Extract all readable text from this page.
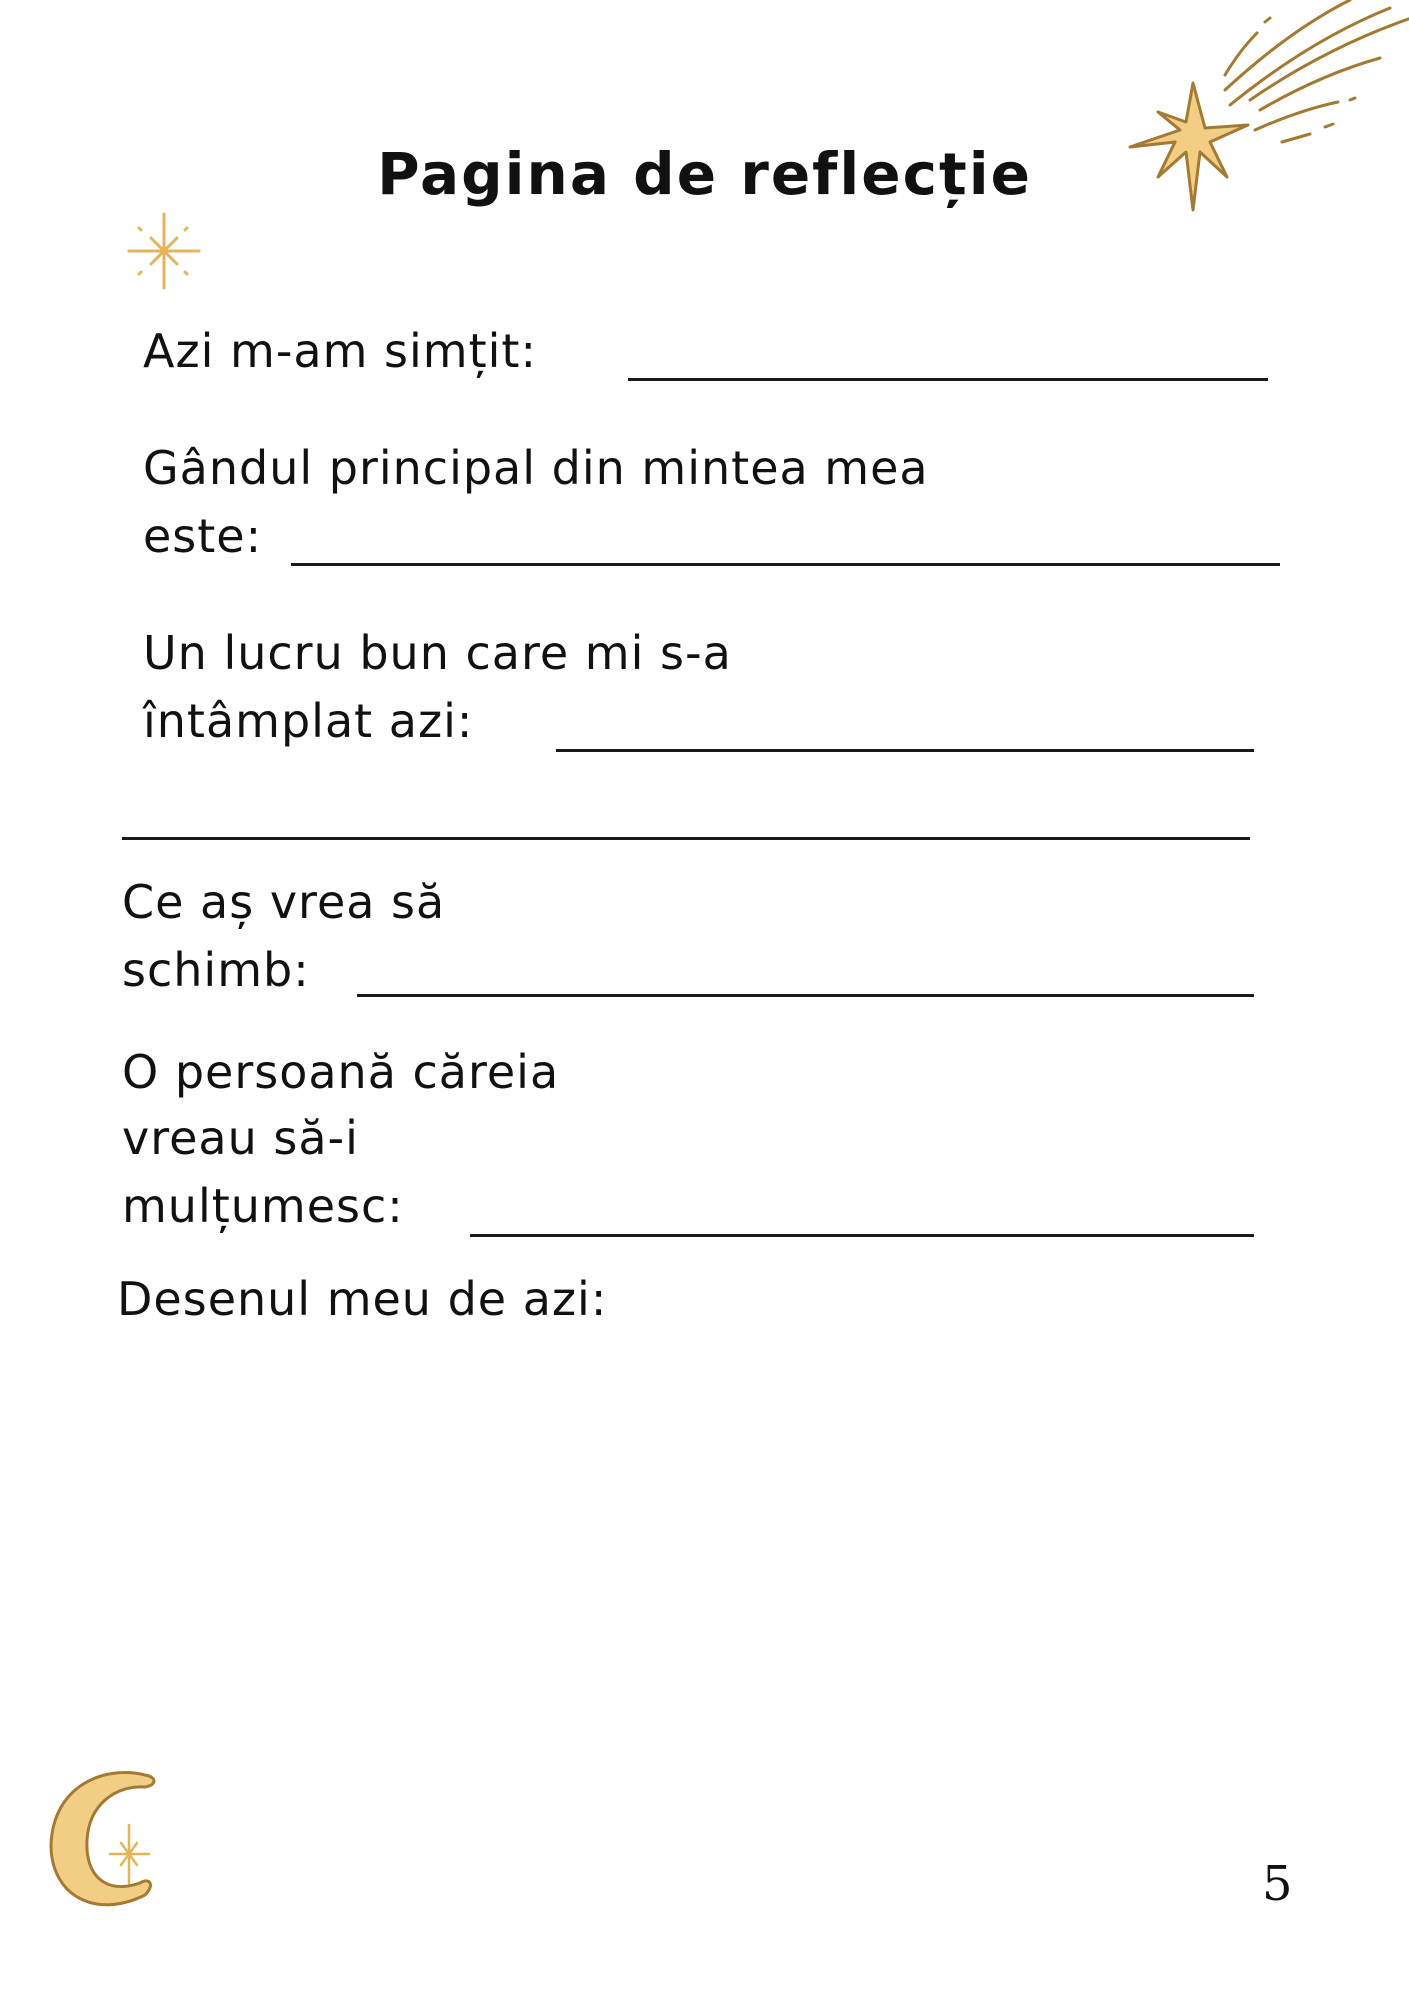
Pagina de reflecție
Azi m-am simțit:
Gândul principal din mintea mea
este:
Un lucru bun care mi s-a
întâmplat azi:
Ce aș vrea să
schimb:
O persoană căreia
vreau să-i
mulțumesc:
Desenul meu de azi:
5
